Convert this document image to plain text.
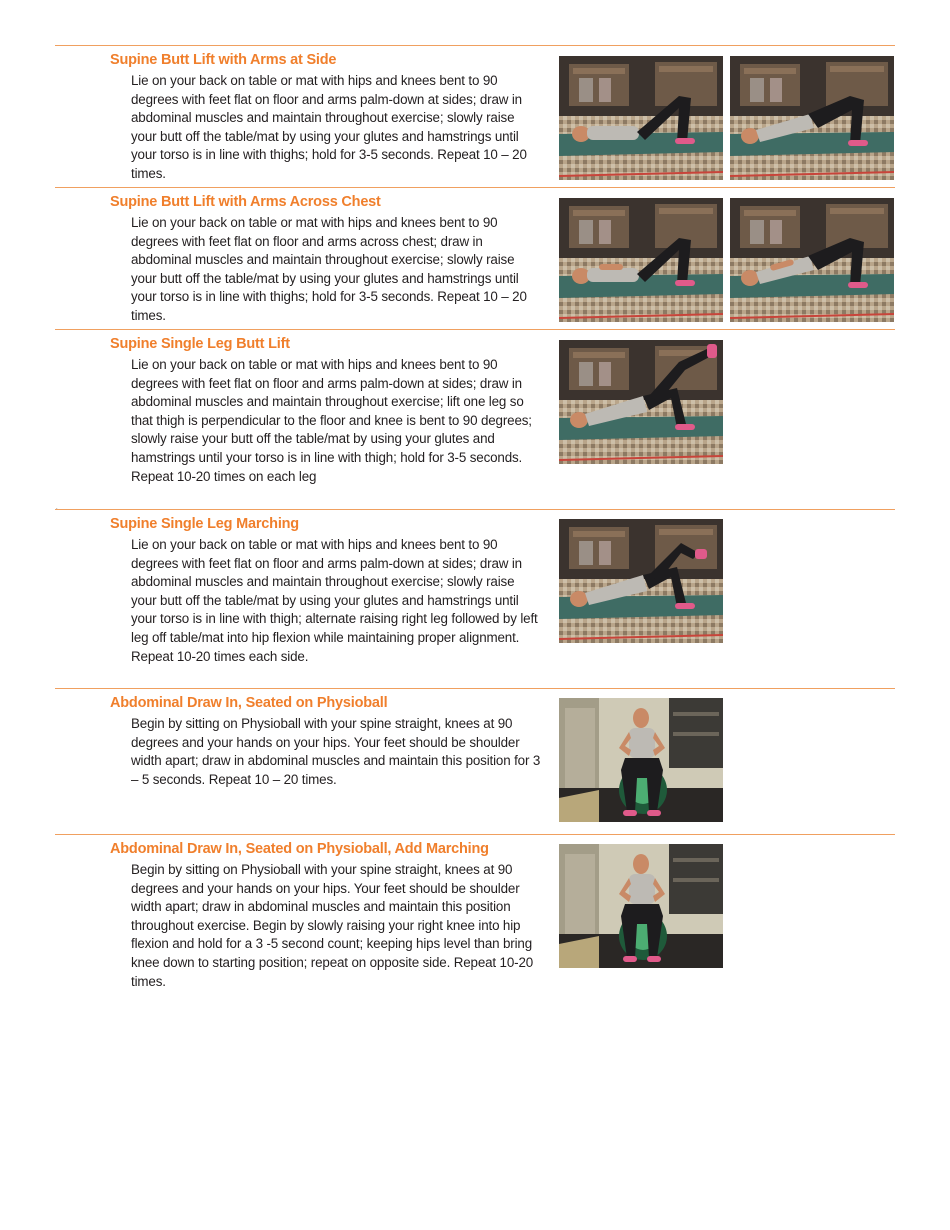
Supine Butt Lift with Arms at Side

Lie on your back on table or mat with hips and knees bent to 90 degrees with feet flat on floor and arms palm-down at sides; draw in abdominal muscles and maintain throughout exercise; slowly raise your butt off the table/mat by using your glutes and hamstrings until your torso is in line with thighs; hold for 3-5 seconds. Repeat 10 – 20 times.

Supine Butt Lift with Arms Across Chest

Lie on your back on table or mat with hips and knees bent to 90 degrees with feet flat on floor and arms across chest; draw in abdominal muscles and maintain throughout exercise; slowly raise your butt off the table/mat by using your glutes and hamstrings until your torso is in line with thighs; hold for 3-5 seconds. Repeat 10 – 20 times.

Supine Single Leg Butt Lift

Lie on your back on table or mat with hips and knees bent to 90 degrees with feet flat on floor and arms palm-down at sides; draw in abdominal muscles and maintain throughout exercise; lift one leg so that thigh is perpendicular to the floor and knee is bent to 90 degrees; slowly raise your butt off the table/mat by using your glutes and hamstrings until your torso is in line with thigh; hold for 3-5 seconds. Repeat 10-20 times on each leg

.
Supine Single Leg Marching

Lie on your back on table or mat with hips and knees bent to 90 degrees with feet flat on floor and arms palm-down at sides; draw in abdominal muscles and maintain throughout exercise; slowly raise your butt off the table/mat by using your glutes and hamstrings until your torso is in line with thigh; alternate raising right leg followed by left leg off table/mat into hip flexion while maintaining proper alignment. Repeat 10-20 times each side.

Abdominal Draw In, Seated on Physioball

Begin by sitting on Physioball with your spine straight, knees at 90 degrees and your hands on your hips. Your feet should be shoulder width apart; draw in abdominal muscles and maintain this position for 3 – 5 seconds. Repeat 10 – 20 times.

Abdominal Draw In, Seated on Physioball, Add Marching

Begin by sitting on Physioball with your spine straight, knees at 90 degrees and your hands on your hips. Your feet should be shoulder width apart; draw in abdominal muscles and maintain this position throughout exercise. Begin by slowly raising your right knee into hip flexion and hold for a 3 -5 second count; keeping hips level than bring knee down to starting position; repeat on opposite side. Repeat 10-20 times.
